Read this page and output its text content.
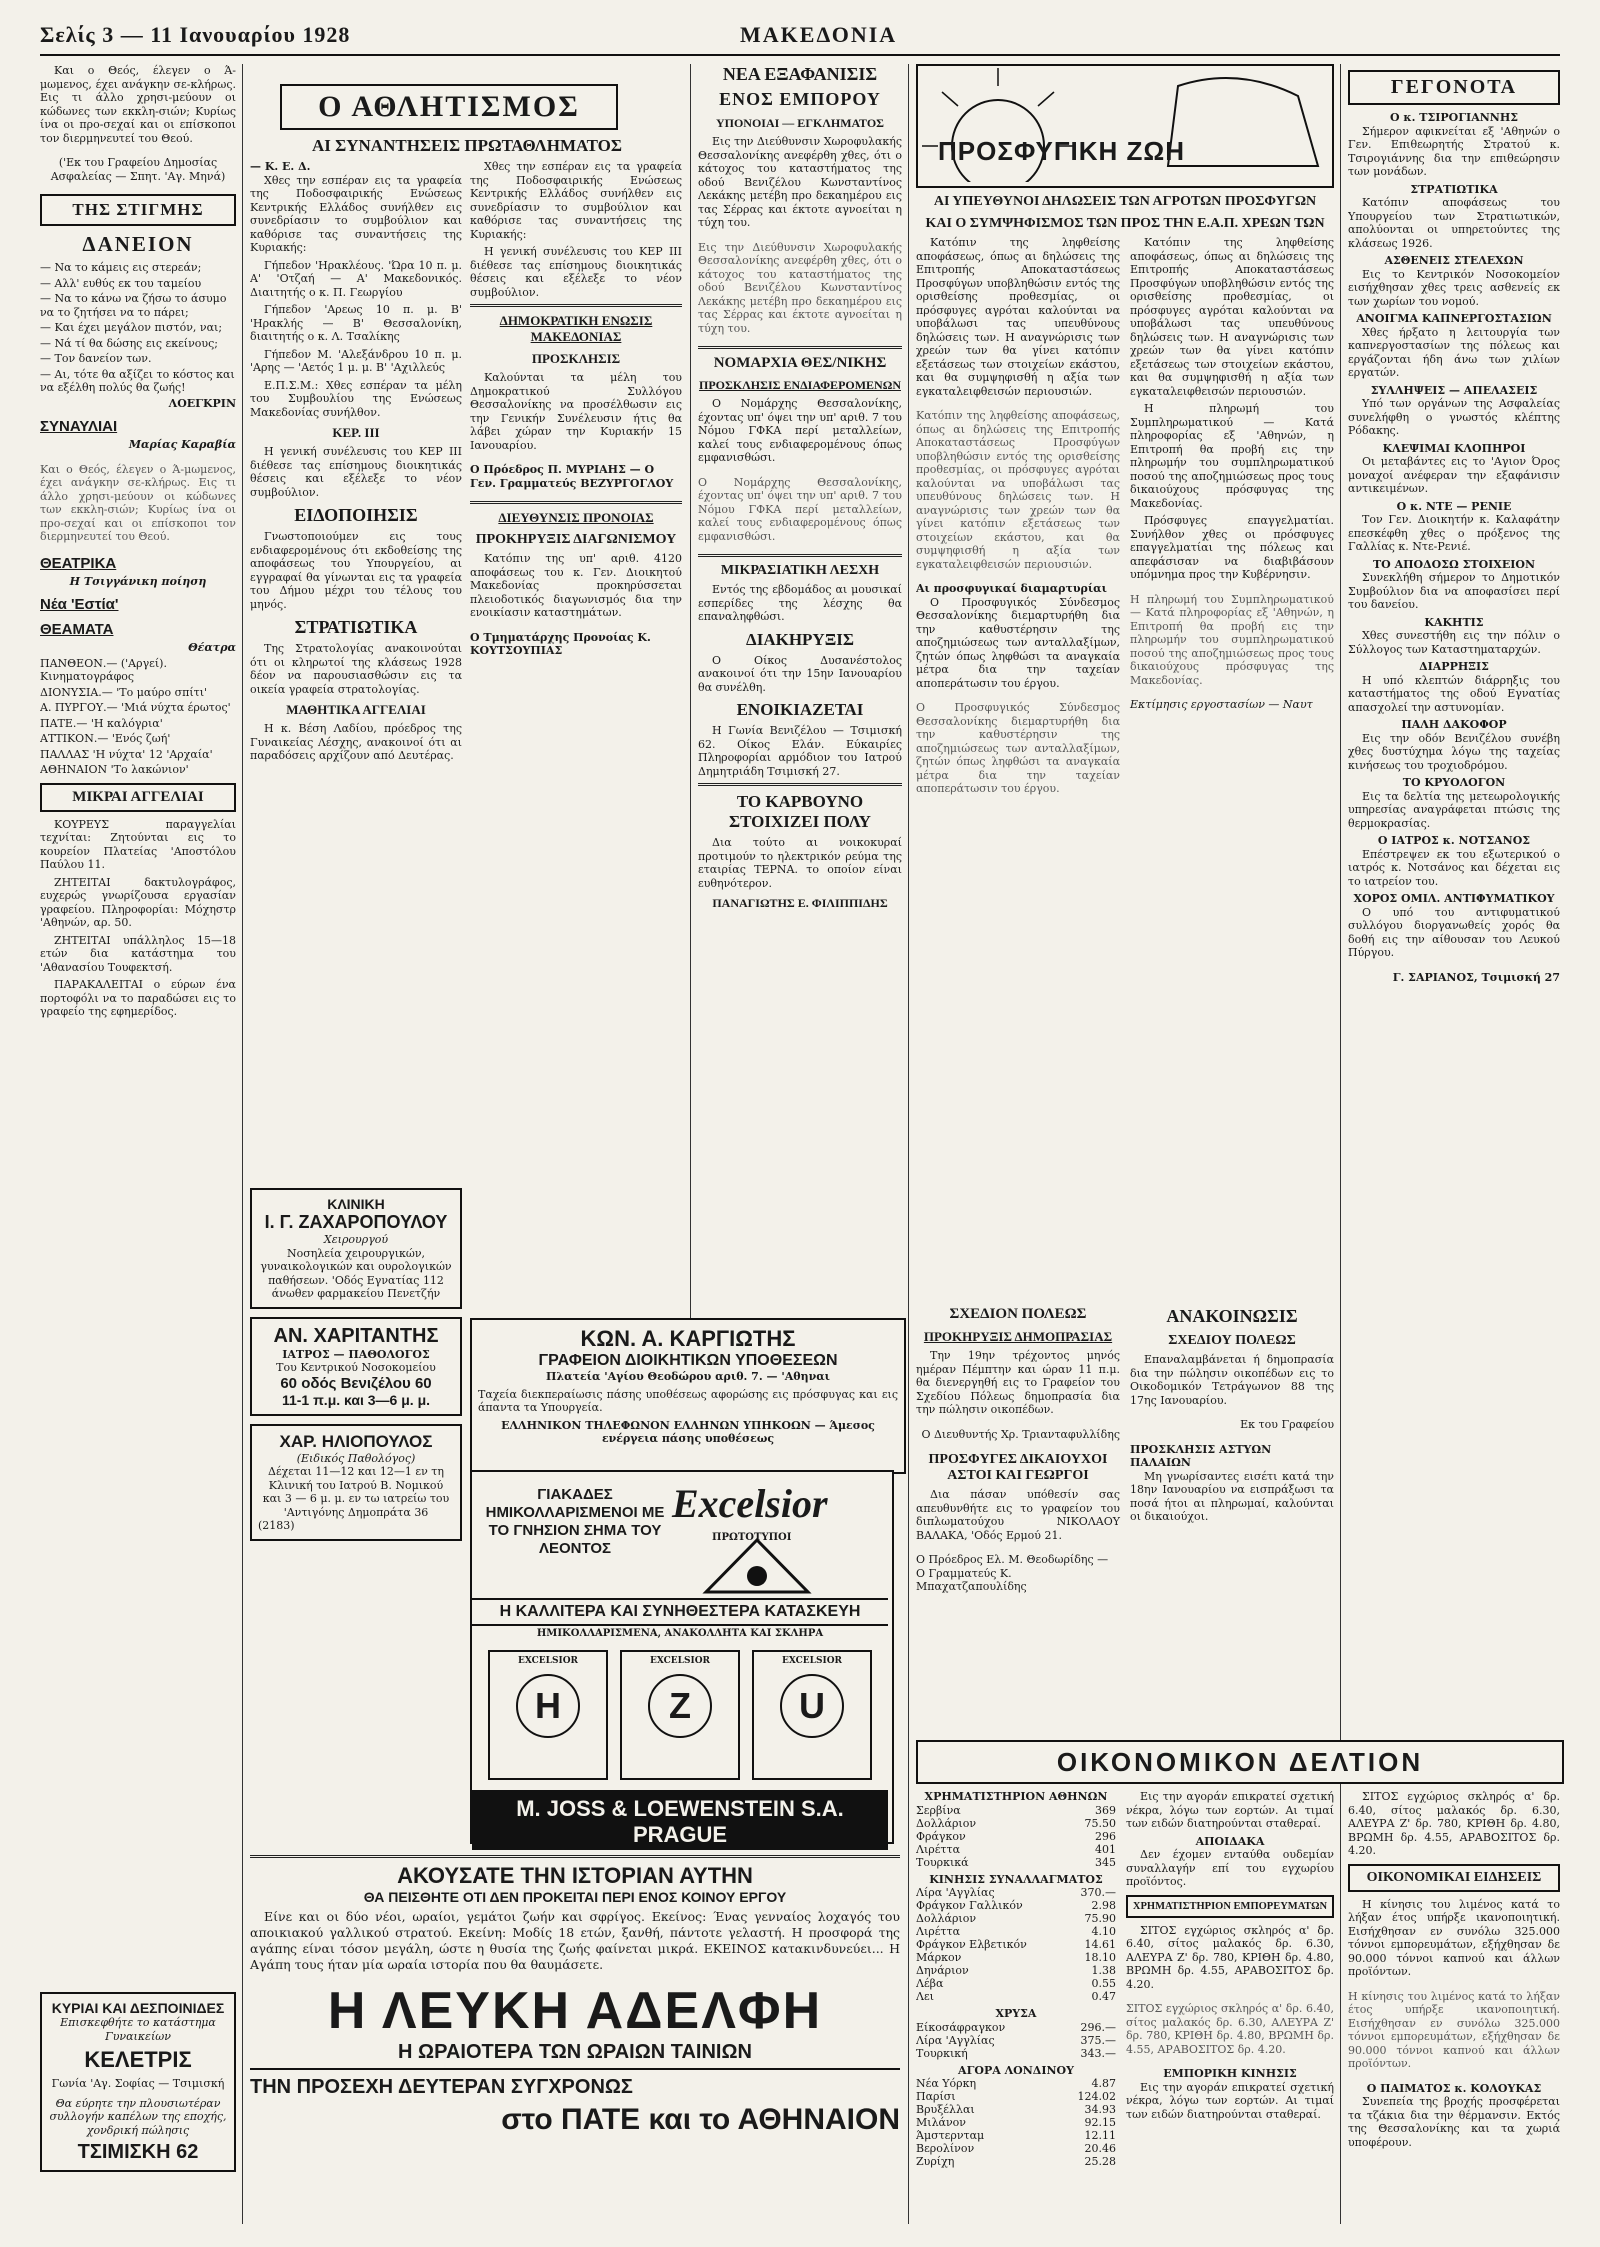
Σελίς 3 — 11 Ιανουαρίου 1928	ΜΑΚΕΔΟΝΙΑ

Και ο Θεός, έλεγεν ο Ά-μωμενος, έχει ανάγκην σε-κλήρως. Εις τι άλλο χρησι-μεύουν οι κώδωνες των εκκλη-σιών; Κυρίως ίνα οι προ-σεχαί και οι επίσκοποι τον διερμηνευτεί του Θεού.

('Εκ του Γραφείου Δημοσίας Ασφαλείας — Σπητ. 'Αγ. Μηνά)

ΤΗΣ ΣΤΙΓΜΗΣ
ΔΑΝΕΙΟΝ

— Να το κάμεις εις στερεάν;

— Αλλ' ευθύς εκ του ταμείου

— Να το κάνω να ζήσω το άσυμο να το ζητήσει να το πάρει;

— Και έχει μεγάλον πιστόν, ναι;

— Νά τί θα δώσης εις εκείνους;

— Τον δανείον των.

— Αι, τότε θα αξίζει το κόστος και να εξέλθη πολύς θα ζωής!

ΛΟΕΓΚΡΙΝ
ΣΥΝΑΥΛΙΑΙ
Μαρίας Καραβία

Και ο Θεός, έλεγεν ο Ά-μωμενος, έχει ανάγκην σε-κλήρως. Εις τι άλλο χρησι-μεύουν οι κώδωνες των εκκλη-σιών; Κυρίως ίνα οι προ-σεχαί και οι επίσκοποι τον διερμηνευτεί του Θεού.

ΘΕΑΤΡΙΚΑ
Η Τσιγγάνικη ποίηση
Νέα 'Εστία'
ΘΕΑΜΑΤΑ
Θέατρα

ΠΑΝΘΕΟΝ.— ('Αργεί). Κινηματογράφος

ΔΙΟΝΥΣΙΑ.— 'Το μαύρο σπίτι'

Α. ΠΥΡΓΟΥ.— 'Μιά νύχτα έρωτος'

ΠΑΤΕ.— 'Η καλόγρια'

ΑΤΤΙΚΟΝ.— 'Ενός ζωή'

ΠΑΛΛΑΣ 'Η νύχτα' 12 'Αρχαία'

ΑΘΗΝΑΙΟΝ 'Το λακώνιον'

ΜΙΚΡΑΙ ΑΓΓΕΛΙΑΙ

ΚΟΥΡΕΥΣ παραγγελίαι τεχνίται: Ζητούνται εις το κουρείον Πλατείας 'Αποστόλου Παύλου 11.

ΖΗΤΕΙΤΑΙ δακτυλογράφος, ευχερώς γνωρίζουσα εργασίαν γραφείου. Πληροφορίαι: Μόχηστρ 'Αθηνών, αρ. 50.

ΖΗΤΕΙΤΑΙ υπάλληλος 15—18 ετών δια κατάστημα του 'Αθανασίου Τουφεκτσή.

ΠΑΡΑΚΑΛΕΙΤΑΙ ο εύρων ένα πορτοφόλι να το παραδώσει εις το γραφείο της εφημερίδος.

ΚΥΡΙΑΙ ΚΑΙ ΔΕΣΠΟΙΝΙΔΕΣ
Επισκεφθήτε το κατάστημα Γυναικείων
ΚΕΛΕΤΡΙΣ
Γωνία 'Αγ. Σοφίας — Τσιμισκή
Θα εύρητε την πλουσιωτέραν συλλογήν καπέλων της εποχής, χονδρική πώλησις
ΤΣΙΜΙΣΚΗ 62
Ο ΑΘΛΗΤΙΣΜΟΣ
ΑΙ ΣΥΝΑΝΤΗΣΕΙΣ ΠΡΩΤΑΘΛΗΜΑΤΟΣ
— Κ. Ε. Δ.

Χθες την εσπέραν εις τα γραφεία της Ποδοσφαιρικής Ενώσεως Κεντρικής Ελλάδος συνήλθεν εις συνεδρίασιν το συμβούλιον και καθόρισε τας συναντήσεις της Κυριακής:

Γήπεδον 'Ηρακλέους. 'Ώρα 10 π. μ. Α' 'Οτζαή — Α' Μακεδονικός. Διαιτητής ο κ. Π. Γεωργίου

Γήπεδον 'Αρεως 10 π. μ. Β' 'Ηρακλής — Β' Θεσσαλονίκη, διαιτητής ο κ. Λ. Τσαλίκης

Γήπεδον Μ. 'Αλεξάνδρου 10 π. μ. 'Αρης — 'Αετός 1 μ. μ. Β' 'Αχιλλεύς

Ε.Π.Σ.Μ.: Χθες εσπέραν τα μέλη του Συμβουλίου της Ενώσεως Μακεδονίας συνήλθον.

ΚΕΡ. ΙΙΙ

Η γενική συνέλευσις του ΚΕΡ ΙΙΙ διέθεσε τας επίσημους διοικητικάς θέσεις και εξέλεξε το νέον συμβούλιον.

ΕΙΔΟΠΟΙΗΣΙΣ

Γνωστοποιούμεν εις τους ενδιαφερομένους ότι εκδοθείσης της αποφάσεως του Υπουργείου, αι εγγραφαί θα γίνωνται εις τα γραφεία του Δήμου μέχρι του τέλους του μηνός.

ΣΤΡΑΤΙΩΤΙΚΑ

Της Στρατολογίας ανακοινούται ότι οι κληρωτοί της κλάσεως 1928 δέον να παρουσιασθώσιν εις τα οικεία γραφεία στρατολογίας.

ΜΑΘΗΤΙΚΑ ΑΓΓΕΛΙΑΙ

Η κ. Βέση Λαδίου, πρόεδρος της Γυναικείας Λέσχης, ανακοινοί ότι αι παραδόσεις αρχίζουν από Δευτέρας.

Χθες την εσπέραν εις τα γραφεία της Ποδοσφαιρικής Ενώσεως Κεντρικής Ελλάδος συνήλθεν εις συνεδρίασιν το συμβούλιον και καθόρισε τας συναντήσεις της Κυριακής:

Η γενική συνέλευσις του ΚΕΡ ΙΙΙ διέθεσε τας επίσημους διοικητικάς θέσεις και εξέλεξε το νέον συμβούλιον.

ΔΗΜΟΚΡΑΤΙΚΗ ΕΝΩΣΙΣ ΜΑΚΕΔΟΝΙΑΣ
ΠΡΟΣΚΛΗΣΙΣ

Καλούνται τα μέλη του Δημοκρατικού Συλλόγου Θεσσαλονίκης να προσέλθωσιν εις την Γενικήν Συνέλευσιν ήτις θα λάβει χώραν την Κυριακήν 15 Ιανουαρίου.

Ο Πρόεδρος Π. ΜΥΡΙΑΗΣ — Ο Γεν. Γραμματεύς ΒΕΖΥΡΓΟΓΛΟΥ

ΔΙΕΥΘΥΝΣΙΣ ΠΡΟΝΟΙΑΣ
ΠΡΟΚΗΡΥΞΙΣ ΔΙΑΓΩΝΙΣΜΟΥ

Κατόπιν της υπ' αριθ. 4120 αποφάσεως του κ. Γεν. Διοικητού Μακεδονίας προκηρύσσεται πλειοδοτικός διαγωνισμός δια την ενοικίασιν καταστημάτων.

Ο Τμηματάρχης Προνοίας Κ. ΚΟΥΤΣΟΥΠΙΑΣ

ΚΛΙΝΙΚΗ
Ι. Γ. ΖΑΧΑΡΟΠΟΥΛΟΥ
Χειρουργού
Νοσηλεία χειρουργικών, γυναικολογικών και ουρολογικών παθήσεων. 'Οδός Εγνατίας 112 άνωθεν φαρμακείου Πενετζήν
ΑΝ. ΧΑΡΙΤΑΝΤΗΣ
ΙΑΤΡΟΣ — ΠΑΘΟΛΟΓΟΣ
Του Κεντρικού Νοσοκομείου
60 οδός Βενιζέλου 60
11-1 π.μ. και 3—6 μ. μ.
ΧΑΡ. ΗΛΙΟΠΟΥΛΟΣ
(Ειδικός Παθολόγος)
Δέχεται 11—12 και 12—1 εν τη Κλινική του Ιατρού Β. Νομικού και 3 — 6 μ. μ. εν τω ιατρείω του 'Αντιγόνης Δημοπράτα 36
(2183)
ΝΕΑ ΕΞΑΦΑΝΙΣΙΣ
ΕΝΟΣ ΕΜΠΟΡΟΥ
ΥΠΟΝΟΙΑΙ — ΕΓΚΛΗΜΑΤΟΣ

Εις την Διεύθυνσιν Χωροφυλακής Θεσσαλονίκης ανεφέρθη χθες, ότι ο κάτοχος του καταστήματος της οδού Βενιζέλου Κωνσταντίνος Λεκάκης μετέβη προ δεκαημέρου εις τας Σέρρας και έκτοτε αγνοείται η τύχη του.

Εις την Διεύθυνσιν Χωροφυλακής Θεσσαλονίκης ανεφέρθη χθες, ότι ο κάτοχος του καταστήματος της οδού Βενιζέλου Κωνσταντίνος Λεκάκης μετέβη προ δεκαημέρου εις τας Σέρρας και έκτοτε αγνοείται η τύχη του.

ΝΟΜΑΡΧΙΑ ΘΕΣ/ΝΙΚΗΣ
ΠΡΟΣΚΛΗΣΙΣ ΕΝΔΙΑΦΕΡΟΜΕΝΩΝ

Ο Νομάρχης Θεσσαλονίκης, έχοντας υπ' όψει την υπ' αριθ. 7 του Νόμου ΓΦΚΑ περί μεταλλείων, καλεί τους ενδιαφερομένους όπως εμφανισθώσι.

Ο Νομάρχης Θεσσαλονίκης, έχοντας υπ' όψει την υπ' αριθ. 7 του Νόμου ΓΦΚΑ περί μεταλλείων, καλεί τους ενδιαφερομένους όπως εμφανισθώσι.

ΜΙΚΡΑΣΙΑΤΙΚΗ ΛΕΣΧΗ

Εντός της εβδομάδος αι μουσικαί εσπερίδες της λέσχης θα επαναληφθώσι.

ΔΙΑΚΗΡΥΞΙΣ

Ο Οίκος Δυσανέστολος ανακοινοί ότι την 15ην Ιανουαρίου θα συνέλθη.

ΕΝΟΙΚΙΑΖΕΤΑΙ

Η Γωνία Βενιζέλου — Τσιμισκή 62. Οίκος Ελάν. Εύκαιρίες Πληροφορίαι αρμόδιον του Ιατρού Δημητριάδη Τσιμισκή 27.

ΤΟ ΚΑΡΒΟΥΝΟ ΣΤΟΙΧΙΖΕΙ ΠΟΛΥ

Δια τούτο αι νοικοκυραί προτιμούν το ηλεκτρικόν ρεύμα της εταιρίας ΤΕΡΝΑ. το οποίον είναι ευθηνότερον.

ΠΑΝΑΓΙΩΤΗΣ Ε. ΦΙΛΙΠΠΙΔΗΣ
ΠΡΟΣΦΥΓΙΚΗ ΖΩΗ
ΑΙ ΥΠΕΥΘΥΝΟΙ ΔΗΛΩΣΕΙΣ ΤΩΝ ΑΓΡΟΤΩΝ ΠΡΟΣΦΥΓΩΝ
ΚΑΙ Ο ΣΥΜΨΗΦΙΣΜΟΣ ΤΩΝ ΠΡΟΣ ΤΗΝ Ε.Α.Π. ΧΡΕΩΝ ΤΩΝ

Κατόπιν της ληφθείσης αποφάσεως, όπως αι δηλώσεις της Επιτροπής Αποκαταστάσεως Προσφύγων υποβληθώσιν εντός της ορισθείσης προθεσμίας, οι πρόσφυγες αγρόται καλούνται να υποβάλωσι τας υπευθύνους δηλώσεις των. Η αναγνώρισις των χρεών των θα γίνει κατόπιν εξετάσεως των στοιχείων εκάστου, και θα συμψηφισθή η αξία των εγκαταλειφθεισών περιουσιών.

Κατόπιν της ληφθείσης αποφάσεως, όπως αι δηλώσεις της Επιτροπής Αποκαταστάσεως Προσφύγων υποβληθώσιν εντός της ορισθείσης προθεσμίας, οι πρόσφυγες αγρόται καλούνται να υποβάλωσι τας υπευθύνους δηλώσεις των. Η αναγνώρισις των χρεών των θα γίνει κατόπιν εξετάσεως των στοιχείων εκάστου, και θα συμψηφισθή η αξία των εγκαταλειφθεισών περιουσιών.

Αι προσφυγικαί διαμαρτυρίαι

Ο Προσφυγικός Σύνδεσμος Θεσσαλονίκης διεμαρτυρήθη δια την καθυστέρησιν της αποζημιώσεως των ανταλλαξίμων, ζητών όπως ληφθώσι τα αναγκαία μέτρα δια την ταχείαν αποπεράτωσιν του έργου.

Ο Προσφυγικός Σύνδεσμος Θεσσαλονίκης διεμαρτυρήθη δια την καθυστέρησιν της αποζημιώσεως των ανταλλαξίμων, ζητών όπως ληφθώσι τα αναγκαία μέτρα δια την ταχείαν αποπεράτωσιν του έργου.

Κατόπιν της ληφθείσης αποφάσεως, όπως αι δηλώσεις της Επιτροπής Αποκαταστάσεως Προσφύγων υποβληθώσιν εντός της ορισθείσης προθεσμίας, οι πρόσφυγες αγρόται καλούνται να υποβάλωσι τας υπευθύνους δηλώσεις των. Η αναγνώρισις των χρεών των θα γίνει κατόπιν εξετάσεως των στοιχείων εκάστου, και θα συμψηφισθή η αξία των εγκαταλειφθεισών περιουσιών.

Η πληρωμή του Συμπληρωματικού — Κατά πληροφορίας εξ 'Αθηνών, η Επιτροπή θα προβή εις την πληρωμήν του συμπληρωματικού ποσού της αποζημιώσεως προς τους δικαιούχους πρόσφυγας της Μακεδονίας.

Πρόσφυγες επαγγελματίαι. Συνήλθον χθες οι πρόσφυγες επαγγελματίαι της πόλεως και απεφάσισαν να διαβιβάσουν υπόμνημα προς την Κυβέρνησιν.

Η πληρωμή του Συμπληρωματικού — Κατά πληροφορίας εξ 'Αθηνών, η Επιτροπή θα προβή εις την πληρωμήν του συμπληρωματικού ποσού της αποζημιώσεως προς τους δικαιούχους πρόσφυγας της Μακεδονίας.

Εκτίμησις εργοστασίων — Ναυτ
ΣΧΕΔΙΟΝ ΠΟΛΕΩΣ
ΠΡΟΚΗΡΥΞΙΣ ΔΗΜΟΠΡΑΣΙΑΣ

Την 19ην τρέχοντος μηνός ημέραν Πέμπτην και ώραν 11 π.μ. θα διενεργηθή εις το Γραφείον του Σχεδίου Πόλεως δημοπρασία δια την πώλησιν οικοπέδων.

Ο Διευθυντής Χρ. Τριανταφυλλίδης

ΠΡΟΣΦΥΓΕΣ ΔΙΚΑΙΟΥΧΟΙ ΑΣΤΟΙ ΚΑΙ ΓΕΩΡΓΟΙ

Δια πάσαν υπόθεσίν σας απευθυνθήτε εις το γραφείον του διπλωματούχου ΝΙΚΟΛΑΟΥ ΒΑΛΑΚΑ, 'Οδός Ερμού 21.

Ο Πρόεδρος Ελ. Μ. Θεοδωρίδης — Ο Γραμματεύς Κ. Μπαχατζαπουλίδης

ΑΝΑΚΟΙΝΩΣΙΣ
ΣΧΕΔΙΟΥ ΠΟΛΕΩΣ

Επαναλαμβάνεται ή δημοπρασία δια την πώλησιν οικοπέδων εις το Οικοδομικόν Τετράγωνον 88 της 17ης Ιανουαρίου.

Εκ του Γραφείου

ΠΡΟΣΚΛΗΣΙΣ ΑΣΤΥΩΝ ΠΑΛΑΙΩΝ

Μη γνωρίσαντες εισέτι κατά την 18ην Ιανουαρίου να εισπράξωσι τα ποσά ήτοι αι πληρωμαί, καλούνται οι δικαιούχοι.

ΓΕΓΟΝΟΤΑ
Ο κ. ΤΣΙΡΟΓΙΑΝΝΗΣ

Σήμερον αφικνείται εξ 'Αθηνών ο Γεν. Επιθεωρητής Στρατού κ. Τσιρογιάννης δια την επιθεώρησιν των μονάδων.

ΣΤΡΑΤΙΩΤΙΚΑ

Κατόπιν αποφάσεως του Υπουργείου των Στρατιωτικών, απολύονται οι υπηρετούντες της κλάσεως 1926.

ΑΣΘΕΝΕΙΣ ΣΤΕΛΕΧΩΝ

Εις το Κεντρικόν Νοσοκομείον εισήχθησαν χθες τρεις ασθενείς εκ των χωρίων του νομού.

ΑΝΟΙΓΜΑ ΚΑΠΝΕΡΓΟΣΤΑΣΙΩΝ

Χθες ήρξατο η λειτουργία των καπνεργοστασίων της πόλεως και εργάζονται ήδη άνω των χιλίων εργατών.

ΣΥΛΛΗΨΕΙΣ — ΑΠΕΛΑΣΕΙΣ

Υπό των οργάνων της Ασφαλείας συνελήφθη ο γνωστός κλέπτης Ρόδακης.

ΚΛΕΨΙΜΑΙ ΚΛΟΠΗΡΟΙ

Οι μεταβάντες εις το 'Αγιον Όρος μοναχοί ανέφεραν την εξαφάνισιν αντικειμένων.

Ο κ. ΝΤΕ — ΡΕΝΙΕ

Τον Γεν. Διοικητήν κ. Καλαφάτην επεσκέφθη χθες ο πρόξενος της Γαλλίας κ. Ντε-Ρενιέ.

ΤΟ ΑΠΟΔΟΣΩ ΣΤΟΙΧΕΙΟΝ

Συνεκλήθη σήμερον το Δημοτικόν Συμβούλιον δια να αποφασίσει περί του δανείου.

ΚΑΚΗΤΙΣ

Χθες συνεστήθη εις την πόλιν ο Σύλλογος των Καταστηματαρχών.

ΔΙΑΡΡΗΞΙΣ

Η υπό κλεπτών διάρρηξις του καταστήματος της οδού Εγνατίας απασχολεί την αστυνομίαν.

ΠΑΛΗ ΔΑΚΟΦΟΡ

Εις την οδόν Βενιζέλου συνέβη χθες δυστύχημα λόγω της ταχείας κινήσεως του τροχιοδρόμου.

ΤΟ ΚΡΥΟΛΟΓΟΝ

Εις τα δελτία της μετεωρολογικής υπηρεσίας αναγράφεται πτώσις της θερμοκρασίας.

Ο ΙΑΤΡΟΣ κ. ΝΟΤΣΑΝΟΣ

Επέστρεψεν εκ του εξωτερικού ο ιατρός κ. Νοτσάνος και δέχεται εις το ιατρείον του.

ΧΟΡΟΣ ΟΜΙΛ. ΑΝΤΙΦΥΜΑΤΙΚΟΥ

Ο υπό του αντιφυματικού συλλόγου διοργανωθείς χορός θα δοθή εις την αίθουσαν του Λευκού Πύργου.

Γ. ΣΑΡΙΑΝΟΣ, Τσιμισκή 27

ΚΩΝ. Α. ΚΑΡΓΙΩΤΗΣ
ΓΡΑΦΕΙΟΝ ΔΙΟΙΚΗΤΙΚΩΝ ΥΠΟΘΕΣΕΩΝ
Πλατεία 'Αγίου Θεοδώρου αριθ. 7. — 'Αθηναι
Ταχεία διεκπεραίωσις πάσης υποθέσεως αφορώσης εις πρόσφυγας και εις άπαντα τα Υπουργεία.
ΕΛΛΗΝΙΚΟΝ ΤΗΛΕΦΩΝΟΝ ΕΛΛΗΝΩΝ ΥΠΗΚΟΩΝ — Άμεσος ενέργεια πάσης υποθέσεως
ΓΙΑΚΑΔΕΣ ΗΜΙΚΟΛΛΑΡΙΣΜΕΝΟΙ ΜΕ ΤΟ ΓΝΗΣΙΟΝ ΣΗΜΑ ΤΟΥ ΛΕΟΝΤΟΣ
Excelsior
ΠΡΩΤΟΤΥΠΟΙ
Η ΚΑΛΛΙΤΕΡΑ ΚΑΙ ΣΥΝΗΘΕΣΤΕΡΑ ΚΑΤΑΣΚΕΥΗ
ΗΜΙΚΟΛΛΑΡΙΣΜΕΝΑ, ΑΝΑΚΟΛΛΗΤΑ ΚΑΙ ΣΚΛΗΡΑ
EXCELSIOR
H
EXCELSIOR
Z
EXCELSIOR
U
M. JOSS & LOEWENSTEIN S.A. PRAGUE
ΟΙΚΟΝΟΜΙΚΟΝ ΔΕΛΤΙΟΝ
ΧΡΗΜΑΤΙΣΤΗΡΙΟΝ ΑΘΗΝΩΝ
Σερβίνα	369
Δολλάριον	75.50
Φράγκον	296
Λιρέττα	401
Τουρκικά	345
ΚΙΝΗΣΙΣ ΣΥΝΑΛΛΑΓΜΑΤΟΣ
Λίρα 'Αγγλίας	370.—
Φράγκον Γαλλικόν	2.98
Δολλάριον	75.90
Λιρέττα	4.10
Φράγκον Ελβετικόν	14.61
Μάρκον	18.10
Δηνάριον	1.38
Λέβα	0.55
Λει	0.47
ΧΡΥΣΑ
Είκοσάφραγκον	296.—
Λίρα 'Αγγλίας	375.—
Τουρκική	343.—
ΑΓΟΡΑ ΛΟΝΔΙΝΟΥ
Νέα Υόρκη	4.87
Παρίσι	124.02
Βρυξέλλαι	34.93
Μιλάνον	92.15
Άμστερνταμ	12.11
Βερολίνον	20.46
Ζυρίχη	25.28

Εις την αγοράν επικρατεί σχετική νέκρα, λόγω των εορτών. Αι τιμαί των ειδών διατηρούνται σταθεραί.

ΑΠΟΙΔΑΚΑ

Δεν έχομεν ενταύθα ουδεμίαν συναλλαγήν επί του εγχωρίου προϊόντος.

ΧΡΗΜΑΤΙΣΤΗΡΙΟΝ ΕΜΠΟΡΕΥΜΑΤΩΝ

ΣΙΤΟΣ εγχώριος σκληρός α' δρ. 6.40, σίτος μαλακός δρ. 6.30, ΑΛΕΥΡΑ Ζ' δρ. 780, ΚΡΙΘΗ δρ. 4.80, ΒΡΩΜΗ δρ. 4.55, ΑΡΑΒΟΣΙΤΟΣ δρ. 4.20.

ΣΙΤΟΣ εγχώριος σκληρός α' δρ. 6.40, σίτος μαλακός δρ. 6.30, ΑΛΕΥΡΑ Ζ' δρ. 780, ΚΡΙΘΗ δρ. 4.80, ΒΡΩΜΗ δρ. 4.55, ΑΡΑΒΟΣΙΤΟΣ δρ. 4.20.

ΕΜΠΟΡΙΚΗ ΚΙΝΗΣΙΣ

Εις την αγοράν επικρατεί σχετική νέκρα, λόγω των εορτών. Αι τιμαί των ειδών διατηρούνται σταθεραί.

ΣΙΤΟΣ εγχώριος σκληρός α' δρ. 6.40, σίτος μαλακός δρ. 6.30, ΑΛΕΥΡΑ Ζ' δρ. 780, ΚΡΙΘΗ δρ. 4.80, ΒΡΩΜΗ δρ. 4.55, ΑΡΑΒΟΣΙΤΟΣ δρ. 4.20.

ΟΙΚΟΝΟΜΙΚΑΙ ΕΙΔΗΣΕΙΣ

Η κίνησις του λιμένος κατά το λήξαν έτος υπήρξε ικανοποιητική. Εισήχθησαν εν συνόλω 325.000 τόννοι εμπορευμάτων, εξήχθησαν δε 90.000 τόννοι καπνού και άλλων προϊόντων.

Η κίνησις του λιμένος κατά το λήξαν έτος υπήρξε ικανοποιητική. Εισήχθησαν εν συνόλω 325.000 τόννοι εμπορευμάτων, εξήχθησαν δε 90.000 τόννοι καπνού και άλλων προϊόντων.

Ο ΠΑΙΜΑΤΟΣ κ. ΚΟΛΟΥΚΑΣ

Συνεπεία της βροχής προσφέρεται τα τζάκια δια την θέρμανσιν. Εκτός της Θεσσαλονίκης και τα χωριά υποφέρουν.

ΑΚΟΥΣΑΤΕ ΤΗΝ ΙΣΤΟΡΙΑΝ ΑΥΤΗΝ
ΘΑ ΠΕΙΣΘΗΤΕ ΟΤΙ ΔΕΝ ΠΡΟΚΕΙΤΑΙ ΠΕΡΙ ΕΝΟΣ ΚΟΙΝΟΥ ΕΡΓΟΥ

Είνε και οι δύο νέοι, ωραίοι, γεμάτοι ζωήν και σφρίγος. Εκείνος: Ένας γενναίος λοχαγός του αποικιακού γαλλικού στρατού. Εκείνη: Μοδίς 18 ετών, ξανθή, πάντοτε γελαστή. Η προσφορά της αγάπης είναι τόσον μεγάλη, ώστε η θυσία της ζωής φαίνεται μικρά. ΕΚΕΙΝΟΣ κατακινδυνεύει... Η Αγάπη τους ήταν μία ωραία ιστορία που θα θαυμάσετε.

Η ΛΕΥΚΗ ΑΔΕΛΦΗ
Η ΩΡΑΙΟΤΕΡΑ ΤΩΝ ΩΡΑΙΩΝ ΤΑΙΝΙΩΝ
ΤΗΝ ΠΡΟΣΕΧΗ ΔΕΥΤΕΡΑΝ ΣΥΓΧΡΟΝΩΣ
στο ΠΑΤΕ και το ΑΘΗΝΑΙΟΝ
